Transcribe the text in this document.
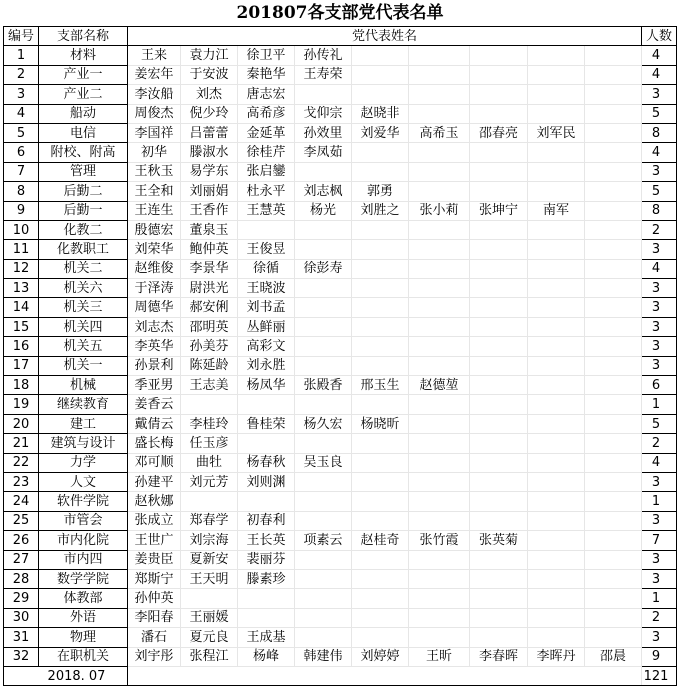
201807各支部党代表名单
编号	支部名称	党代表姓名									人数
1	材料	王来	袁力江	徐卫平	孙传礼						4
2	产业一	姜宏年	于安波	秦艳华	王寿荣						4
3	产业二	李汝船	刘杰	唐志宏							3
4	船动	周俊杰	倪少玲	高希彦	戈仰宗	赵晓非					5
5	电信	李国祥	吕蕾蕾	金延革	孙效里	刘爱华	高希玉	邵春亮	刘军民		8
6	附校、附高	初华	滕淑水	徐桂芹	李凤茹						4
7	管理	王秋玉	易学东	张启鑾							3
8	后勤二	王全和	刘丽娟	杜永平	刘志枫	郭勇					5
9	后勤一	王连生	王香作	王慧英	杨光	刘胜之	张小莉	张坤宁	南军		8
10	化教二	殷德宏	董泉玉								2
11	化教职工	刘荣华	鲍仲英	王俊昱							3
12	机关二	赵维俊	李景华	徐循	徐彭寿						4
13	机关六	于泽涛	尉洪光	王晓波							3
14	机关三	周德华	郝安俐	刘书孟							3
15	机关四	刘志杰	邵明英	丛鲜丽							3
16	机关五	李英华	孙美芬	高彩文							3
17	机关一	孙景利	陈延龄	刘永胜							3
18	机械	季亚男	王志美	杨凤华	张殿香	邢玉生	赵德堃				6
19	继续教育	姜香云									1
20	建工	戴倩云	李桂玲	鲁桂荣	杨久宏	杨晓昕					5
21	建筑与设计	盛长梅	任玉彦								2
22	力学	邓可顺	曲牡	杨春秋	吴玉良						4
23	人文	孙建平	刘元芳	刘则渊							3
24	软件学院	赵秋娜									1
25	市管会	张成立	郑春学	初春利							3
26	市内化院	王世广	刘宗海	王长英	项素云	赵桂奇	张竹霞	张英菊			7
27	市内四	姜贵臣	夏新安	裴丽芬							3
28	数学学院	郑斯宁	王天明	滕素珍							3
29	体教部	孙仲英									1
30	外语	李阳春	王丽媛								2
31	物理	潘石	夏元良	王成基							3
32	在职机关	刘宇彤	张程江	杨峰	韩建伟	刘婷婷	王昕	李春晖	李晖丹	邵晨	9
2018. 07											121
